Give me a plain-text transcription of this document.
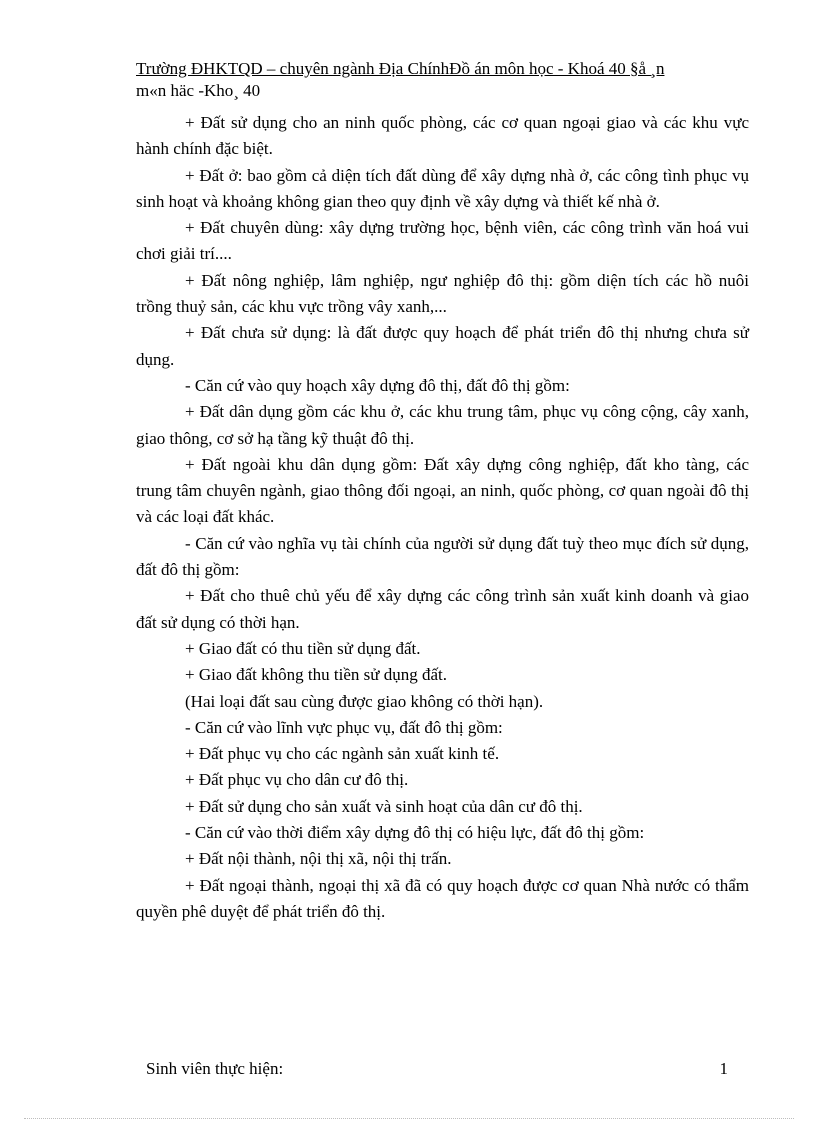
Trường ĐHKTQD – chuyên ngành Địa ChínhĐồ án môn học - Khoá 40 §å ¸n
m«n häc -Kho¸ 40

+ Đất sử dụng cho an ninh quốc phòng, các cơ quan ngoại giao và các khu vực hành chính đặc biệt.

+ Đất ở: bao gồm cả diện tích đất dùng để xây dựng nhà ở, các công tình phục vụ sinh hoạt và khoảng không gian theo quy định về xây dựng và thiết kế nhà ở.

+ Đất chuyên dùng: xây dựng trường học, bệnh viên, các công trình văn hoá vui chơi giải trí....

+ Đất nông nghiệp, lâm nghiệp, ngư nghiệp đô thị: gồm diện tích các hồ nuôi trồng thuỷ sản, các khu vực trồng vây xanh,...

+ Đất chưa sử dụng: là đất được quy hoạch để phát triển đô thị nhưng chưa sử dụng.

- Căn cứ vào quy hoạch xây dựng đô thị, đất đô thị gồm:

+ Đất dân dụng gồm các khu ở, các khu trung tâm, phục vụ công cộng, cây xanh, giao thông, cơ sở hạ tầng kỹ thuật đô thị.

+ Đất ngoài khu dân dụng gồm: Đất xây dựng công nghiệp, đất kho tàng, các trung tâm chuyên ngành, giao thông đối ngoại, an ninh, quốc phòng, cơ quan ngoài đô thị và các loại đất khác.

- Căn cứ vào nghĩa vụ tài chính của người sử dụng đất tuỳ theo mục đích sử dụng, đất đô thị gồm:

+ Đất cho thuê chủ yếu để xây dựng các công trình sản xuất kinh doanh và giao đất sử dụng có thời hạn.

+ Giao đất có thu tiền sử dụng đất.

+ Giao đất không thu tiền sử dụng đất.

(Hai loại đất sau cùng được giao không có thời hạn).

- Căn cứ vào lĩnh vực phục vụ, đất đô thị gồm:

+ Đất phục vụ cho các ngành sản xuất kinh tế.

+ Đất phục vụ cho dân cư đô thị.

+ Đất sử dụng cho sản xuất và sinh hoạt của dân cư đô thị.

- Căn cứ vào thời điểm xây dựng đô thị có hiệu lực, đất đô thị gồm:

+ Đất nội thành, nội thị xã, nội thị trấn.

+ Đất ngoại thành, ngoại thị xã đã có quy hoạch được cơ quan Nhà nước có thẩm quyền phê duyệt để phát triển đô thị.

Sinh viên thực hiện:	1
